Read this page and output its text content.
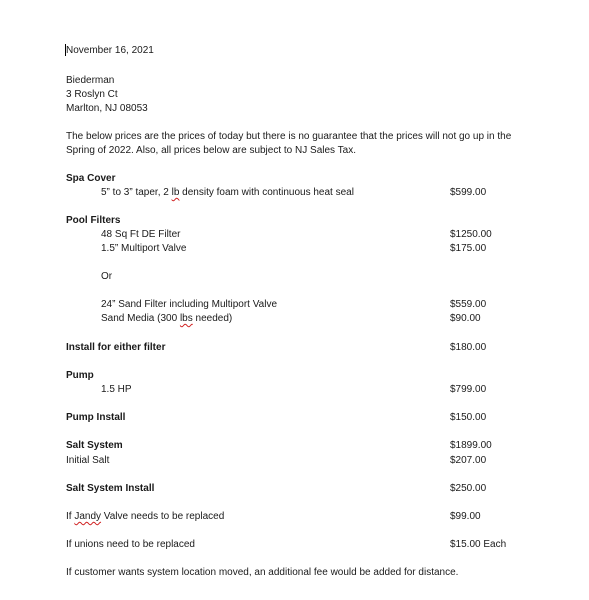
November 16, 2021
Biederman
3 Roslyn Ct
Marlton, NJ 08053
The below prices are the prices of today but there is no guarantee that the prices will not go up in the
Spring of 2022. Also, all prices below are subject to NJ Sales Tax.
Spa Cover
5” to 3” taper, 2 lb density foam with continuous heat seal	$599.00
Pool Filters
48 Sq Ft DE Filter	$1250.00
1.5” Multiport Valve	$175.00
Or
24” Sand Filter including Multiport Valve	$559.00
Sand Media (300 lbs needed)	$90.00
Install for either filter	$180.00
Pump
1.5 HP	$799.00
Pump Install	$150.00
Salt System	$1899.00
Initial Salt	$207.00
Salt System Install	$250.00
If Jandy Valve needs to be replaced	$99.00
If unions need to be replaced	$15.00 Each
If customer wants system location moved, an additional fee would be added for distance.
